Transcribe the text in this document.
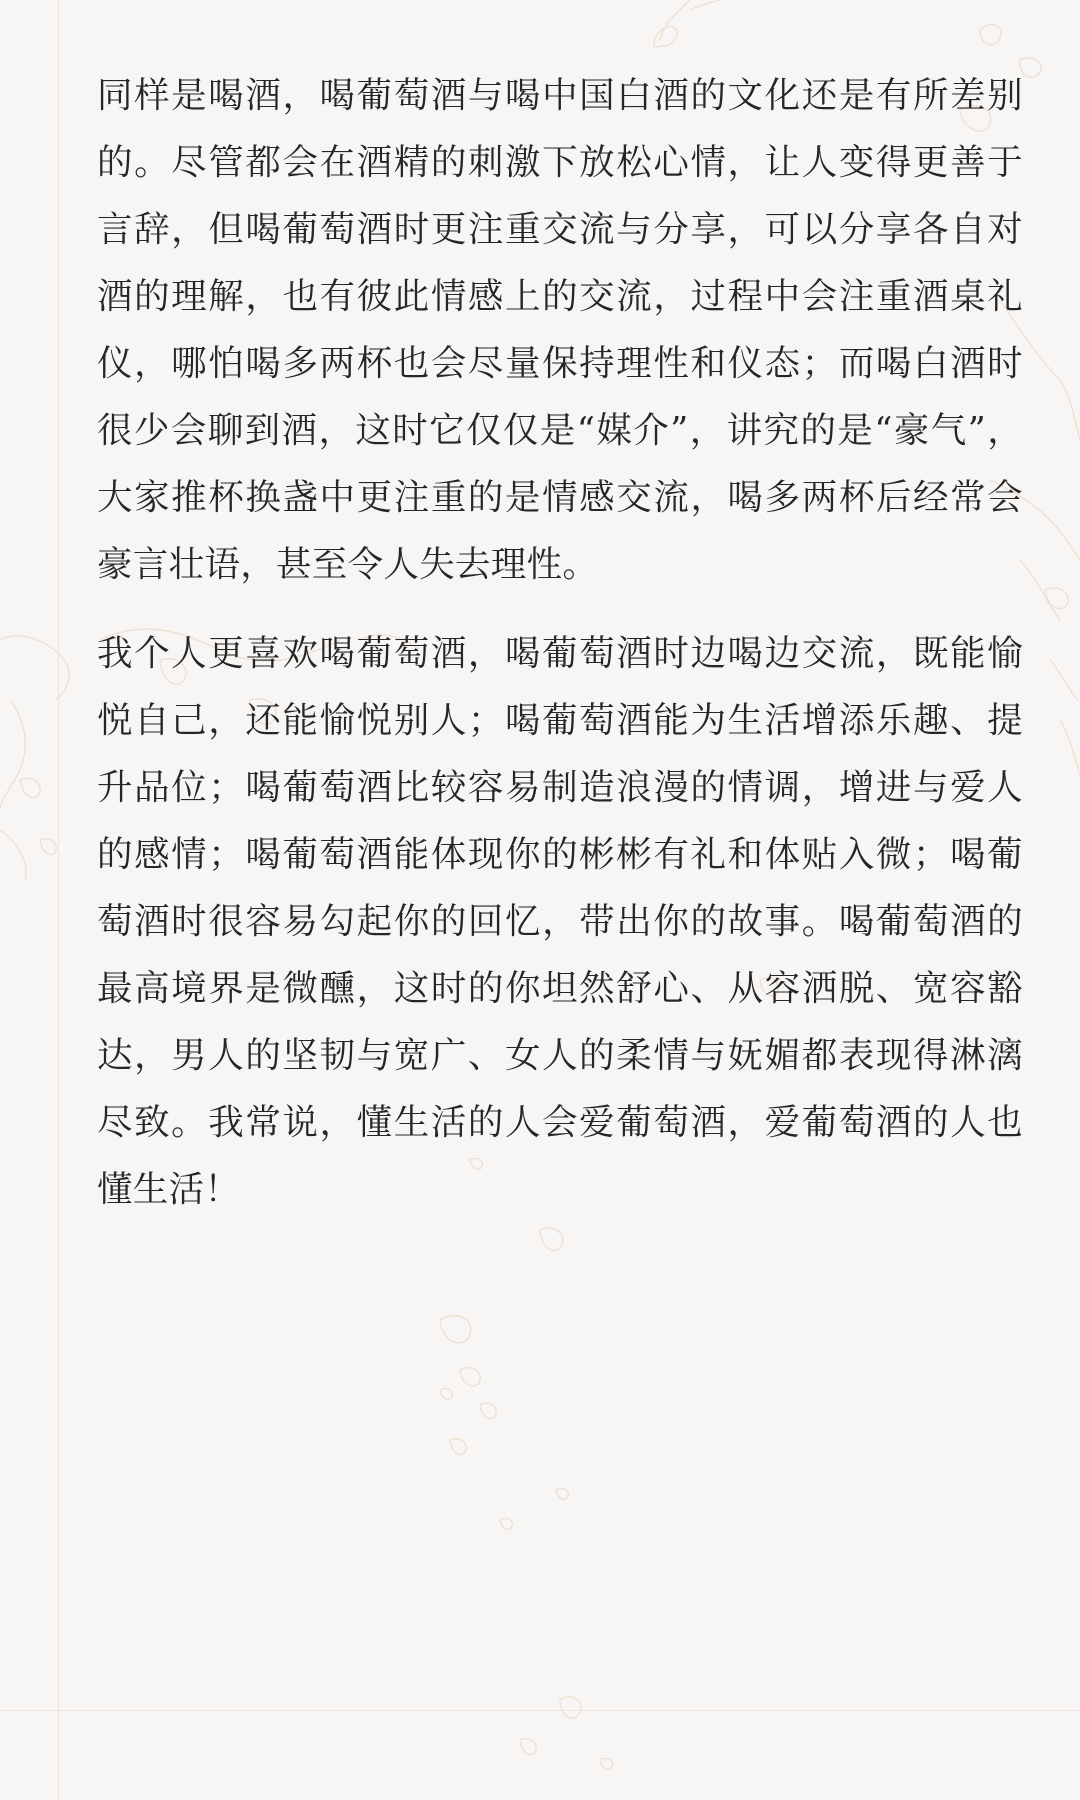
同样是喝酒，喝葡萄酒与喝中国白酒的文化还是有所差别的。尽管都会在酒精的刺激下放松心情，让人变得更善于言辞，但喝葡萄酒时更注重交流与分享，可以分享各自对酒的理解，也有彼此情感上的交流，过程中会注重酒桌礼仪，哪怕喝多两杯也会尽量保持理性和仪态；而喝白酒时很少会聊到酒，这时它仅仅是“媒介”，讲究的是“豪气”，大家推杯换盏中更注重的是情感交流，喝多两杯后经常会豪言壮语，甚至令人失去理性。

我个人更喜欢喝葡萄酒，喝葡萄酒时边喝边交流，既能愉悦自己，还能愉悦别人；喝葡萄酒能为生活增添乐趣、提升品位；喝葡萄酒比较容易制造浪漫的情调，增进与爱人的感情；喝葡萄酒能体现你的彬彬有礼和体贴入微；喝葡萄酒时很容易勾起你的回忆，带出你的故事。喝葡萄酒的最高境界是微醺，这时的你坦然舒心、从容洒脱、宽容豁达，男人的坚韧与宽广、女人的柔情与妩媚都表现得淋漓尽致。我常说，懂生活的人会爱葡萄酒，爱葡萄酒的人也懂生活！
